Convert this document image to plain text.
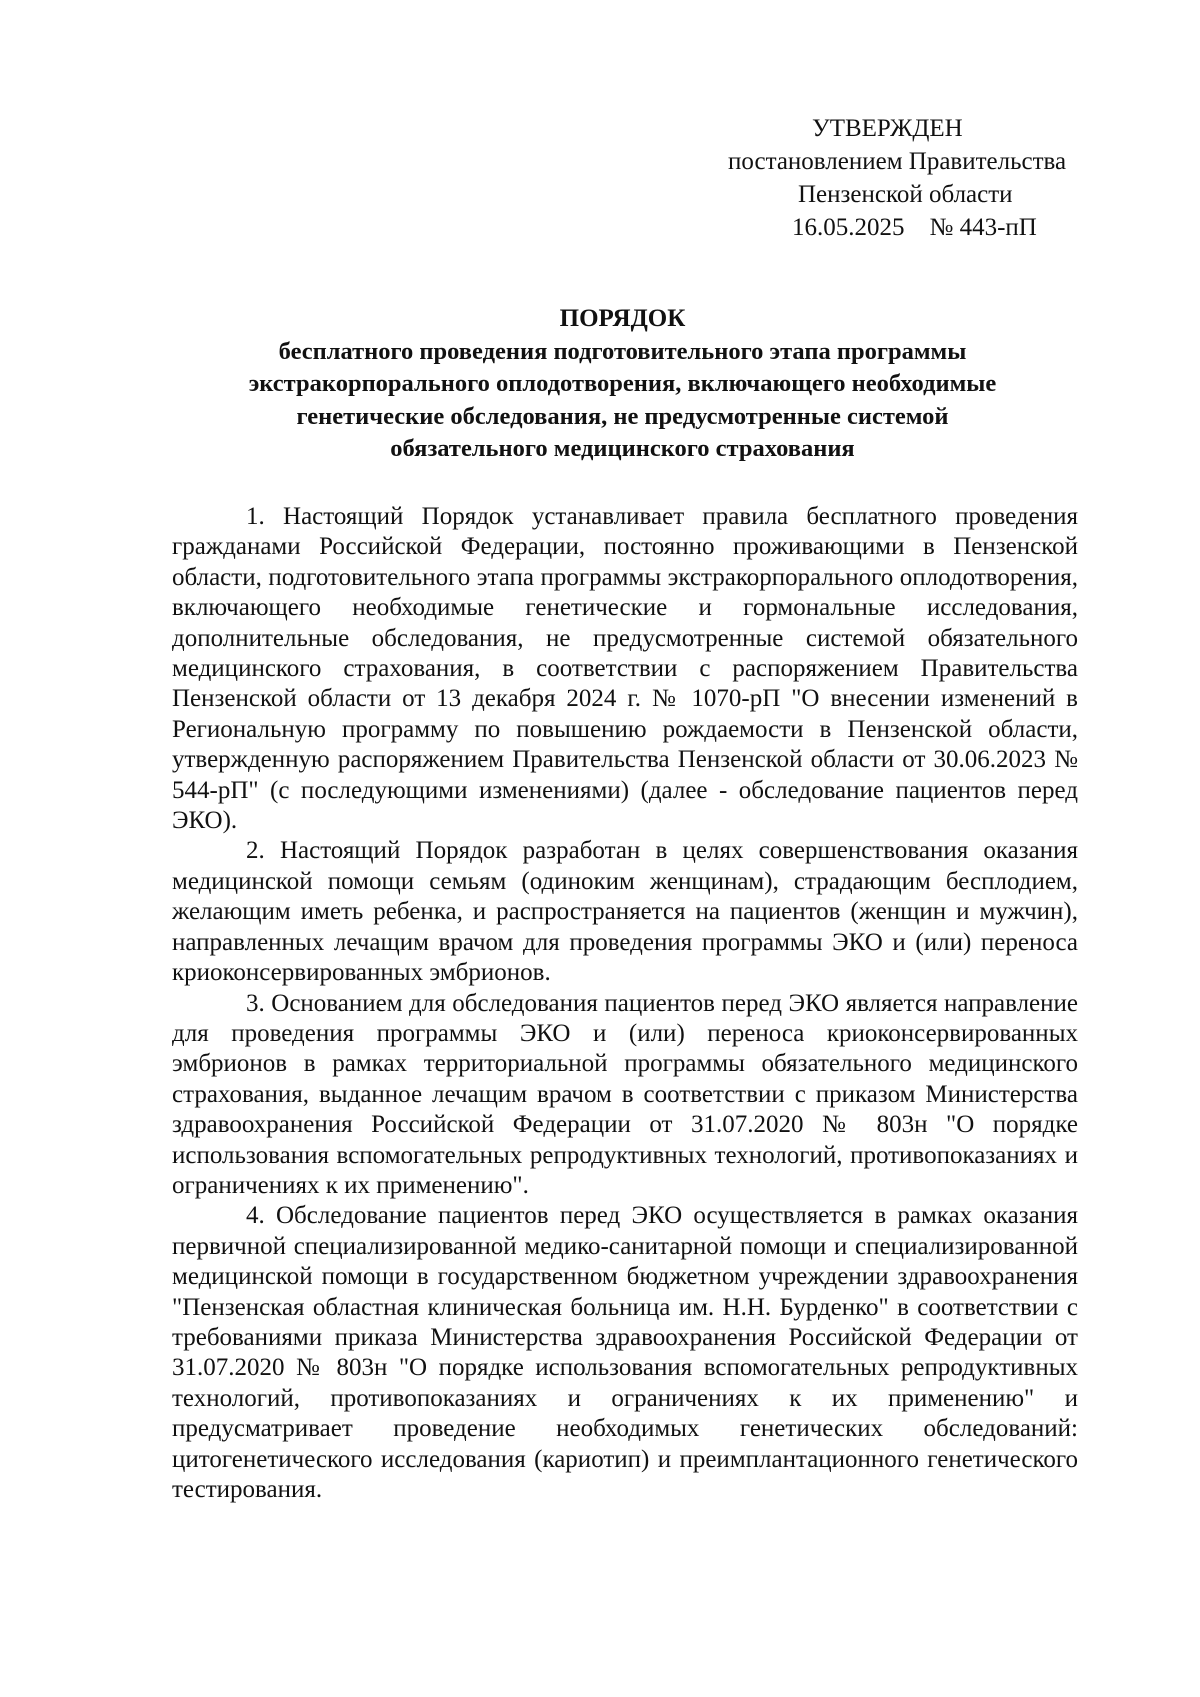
УТВЕРЖДЕН
постановлением Правительства
Пензенской области
16.05.2025    № 443-пП
ПОРЯДОК
бесплатного проведения подготовительного этапа программы
экстракорпорального оплодотворения, включающего необходимые
генетические обследования, не предусмотренные системой
обязательного медицинского страхования

1. Настоящий Порядок устанавливает правила бесплатного проведения гражданами Российской Федерации, постоянно проживающими в Пензенской области, подготовительного этапа программы экстракорпорального оплодотворения, включающего необходимые генетические и гормональные исследования, дополнительные обследования, не предусмотренные системой обязательного медицинского страхования, в соответствии с распоряжением Правительства Пензенской области от 13 декабря 2024 г. № 1070-рП "О внесении изменений в Региональную программу по повышению рождаемости в Пензенской области, утвержденную распоряжением Правительства Пензенской области от 30.06.2023 № 544-рП" (с последующими изменениями) (далее - обследование пациентов перед ЭКО).

2. Настоящий Порядок разработан в целях совершенствования оказания медицинской помощи семьям (одиноким женщинам), страдающим бесплодием, желающим иметь ребенка, и распространяется на пациентов (женщин и мужчин), направленных лечащим врачом для проведения программы ЭКО и (или) переноса криоконсервированных эмбрионов.

3. Основанием для обследования пациентов перед ЭКО является направление для проведения программы ЭКО и (или) переноса криоконсервированных эмбрионов в рамках территориальной программы обязательного медицинского страхования, выданное лечащим врачом в соответствии с приказом Министерства здравоохранения Российской Федерации от 31.07.2020 № 803н "О порядке использования вспомогательных репродуктивных технологий, противопоказаниях и ограничениях к их применению".

4. Обследование пациентов перед ЭКО осуществляется в рамках оказания первичной специализированной медико-санитарной помощи и специализированной медицинской помощи в государственном бюджетном учреждении здравоохранения "Пензенская областная клиническая больница им. Н.Н. Бурденко" в соответствии с требованиями приказа Министерства здравоохранения Российской Федерации от 31.07.2020 № 803н "О порядке использования вспомогательных репродуктивных технологий, противопоказаниях и ограничениях к их применению" и предусматривает проведение необходимых генетических обследований: цитогенетического исследования (кариотип) и преимплантационного генетического тестирования.
